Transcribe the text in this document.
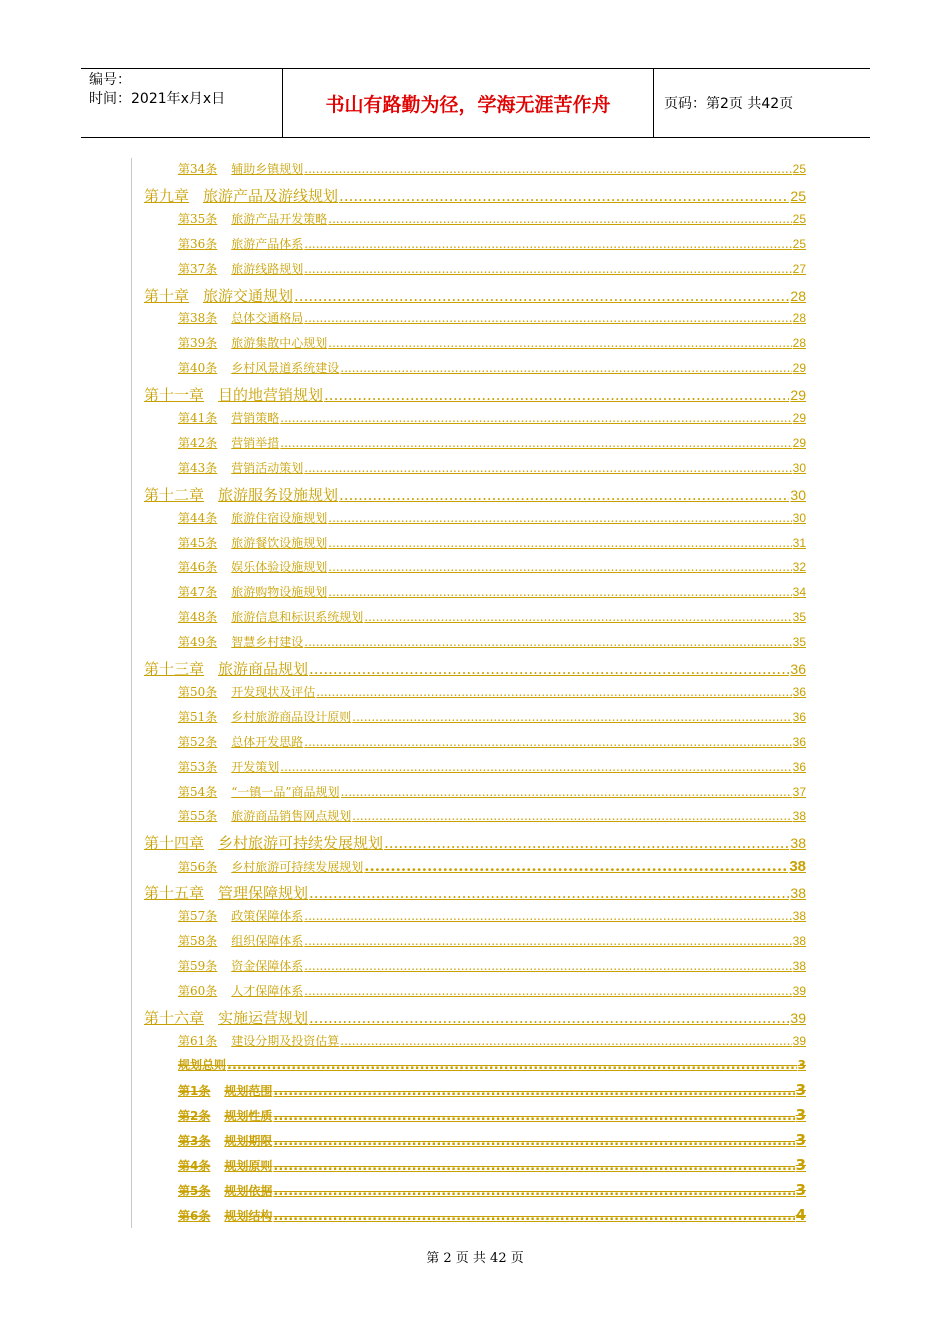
编号：
时间：2021年x月x日	书山有路勤为径，学海无涯苦作舟	页码：第2页 共42页
第34条 辅助乡镇规划 .....	25
第九章 旅游产品及游线规划 .....	25
第35条 旅游产品开发策略 .....	25
第36条 旅游产品体系 .....	25
第37条 旅游线路规划 .....	27
第十章 旅游交通规划 .....	28
第38条 总体交通格局 .....	28
第39条 旅游集散中心规划 .....	28
第40条 乡村风景道系统建设 .....	29
第十一章 目的地营销规划 .....	29
第41条 营销策略 .....	29
第42条 营销举措 .....	29
第43条 营销活动策划 .....	30
第十二章 旅游服务设施规划 .....	30
第44条 旅游住宿设施规划 .....	30
第45条 旅游餐饮设施规划 .....	31
第46条 娱乐体验设施规划 .....	32
第47条 旅游购物设施规划 .....	34
第48条 旅游信息和标识系统规划 .....	35
第49条 智慧乡村建设 .....	35
第十三章 旅游商品规划 .....	36
第50条 开发现状及评估 .....	36
第51条 乡村旅游商品设计原则 .....	36
第52条 总体开发思路 .....	36
第53条 开发策划 .....	36
第54条 “一镇一品”商品规划 .....	37
第55条 旅游商品销售网点规划 .....	38
第十四章 乡村旅游可持续发展规划 .....	38
第56条 乡村旅游可持续发展规划 .....	38
第十五章 管理保障规划 .....	38
第57条 政策保障体系 .....	38
第58条 组织保障体系 .....	38
第59条 资金保障体系 .....	38
第60条 人才保障体系 .....	39
第十六章 实施运营规划 .....	39
第61条 建设分期及投资估算 .....	39
规划总则 .....	3
第1条 规划范围 .....	3
第2条 规划性质 .....	3
第3条 规划期限 .....	3
第4条 规划原则 .....	3
第5条 规划依据 .....	3
第6条 规划结构 .....	4
第 2 页 共 42 页
